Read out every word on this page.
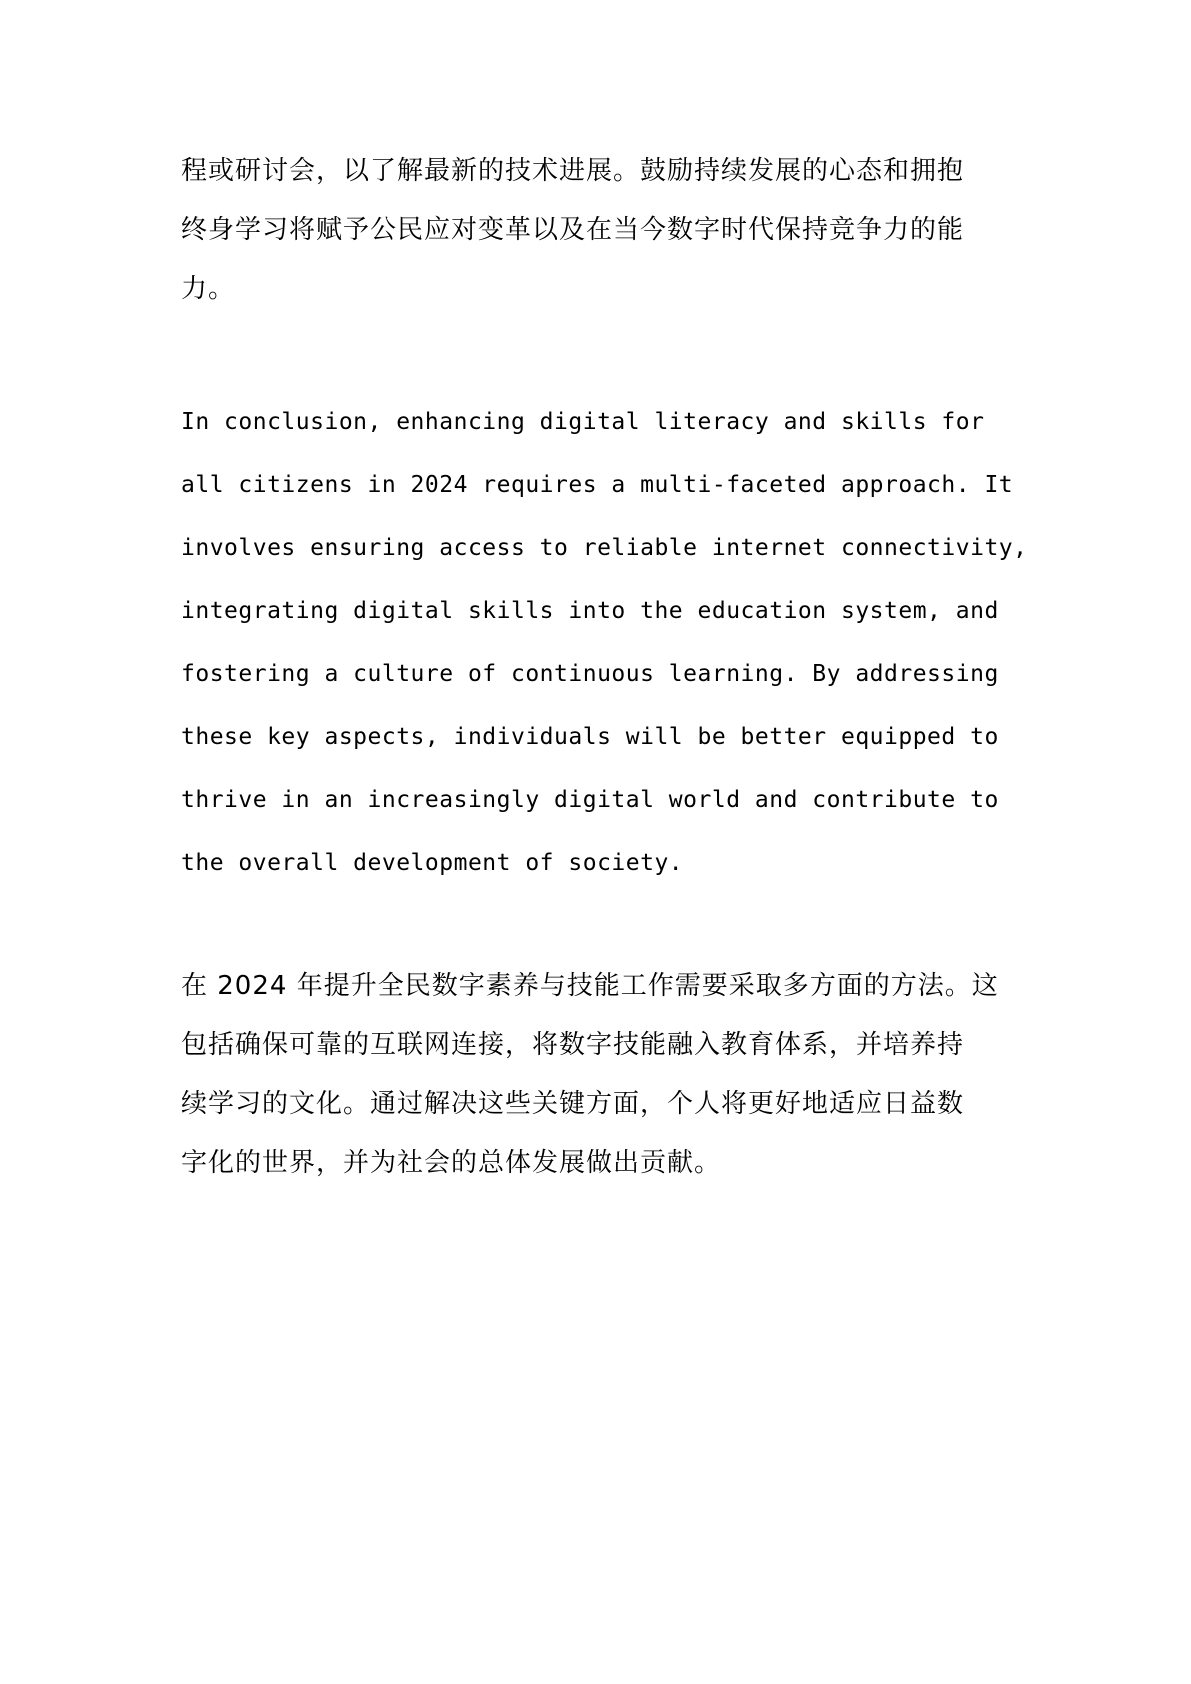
程或研讨会，以了解最新的技术进展。鼓励持续发展的心态和拥抱
终身学习将赋予公民应对变革以及在当今数字时代保持竞争力的能
力。

In conclusion, enhancing digital literacy and skills for
all citizens in 2024 requires a multi-faceted approach. It
involves ensuring access to reliable internet connectivity,
integrating digital skills into the education system, and
fostering a culture of continuous learning. By addressing
these key aspects, individuals will be better equipped to
thrive in an increasingly digital world and contribute to
the overall development of society.

在 2024 年提升全民数字素养与技能工作需要采取多方面的方法。这
包括确保可靠的互联网连接，将数字技能融入教育体系，并培养持
续学习的文化。通过解决这些关键方面，个人将更好地适应日益数
字化的世界，并为社会的总体发展做出贡献。
